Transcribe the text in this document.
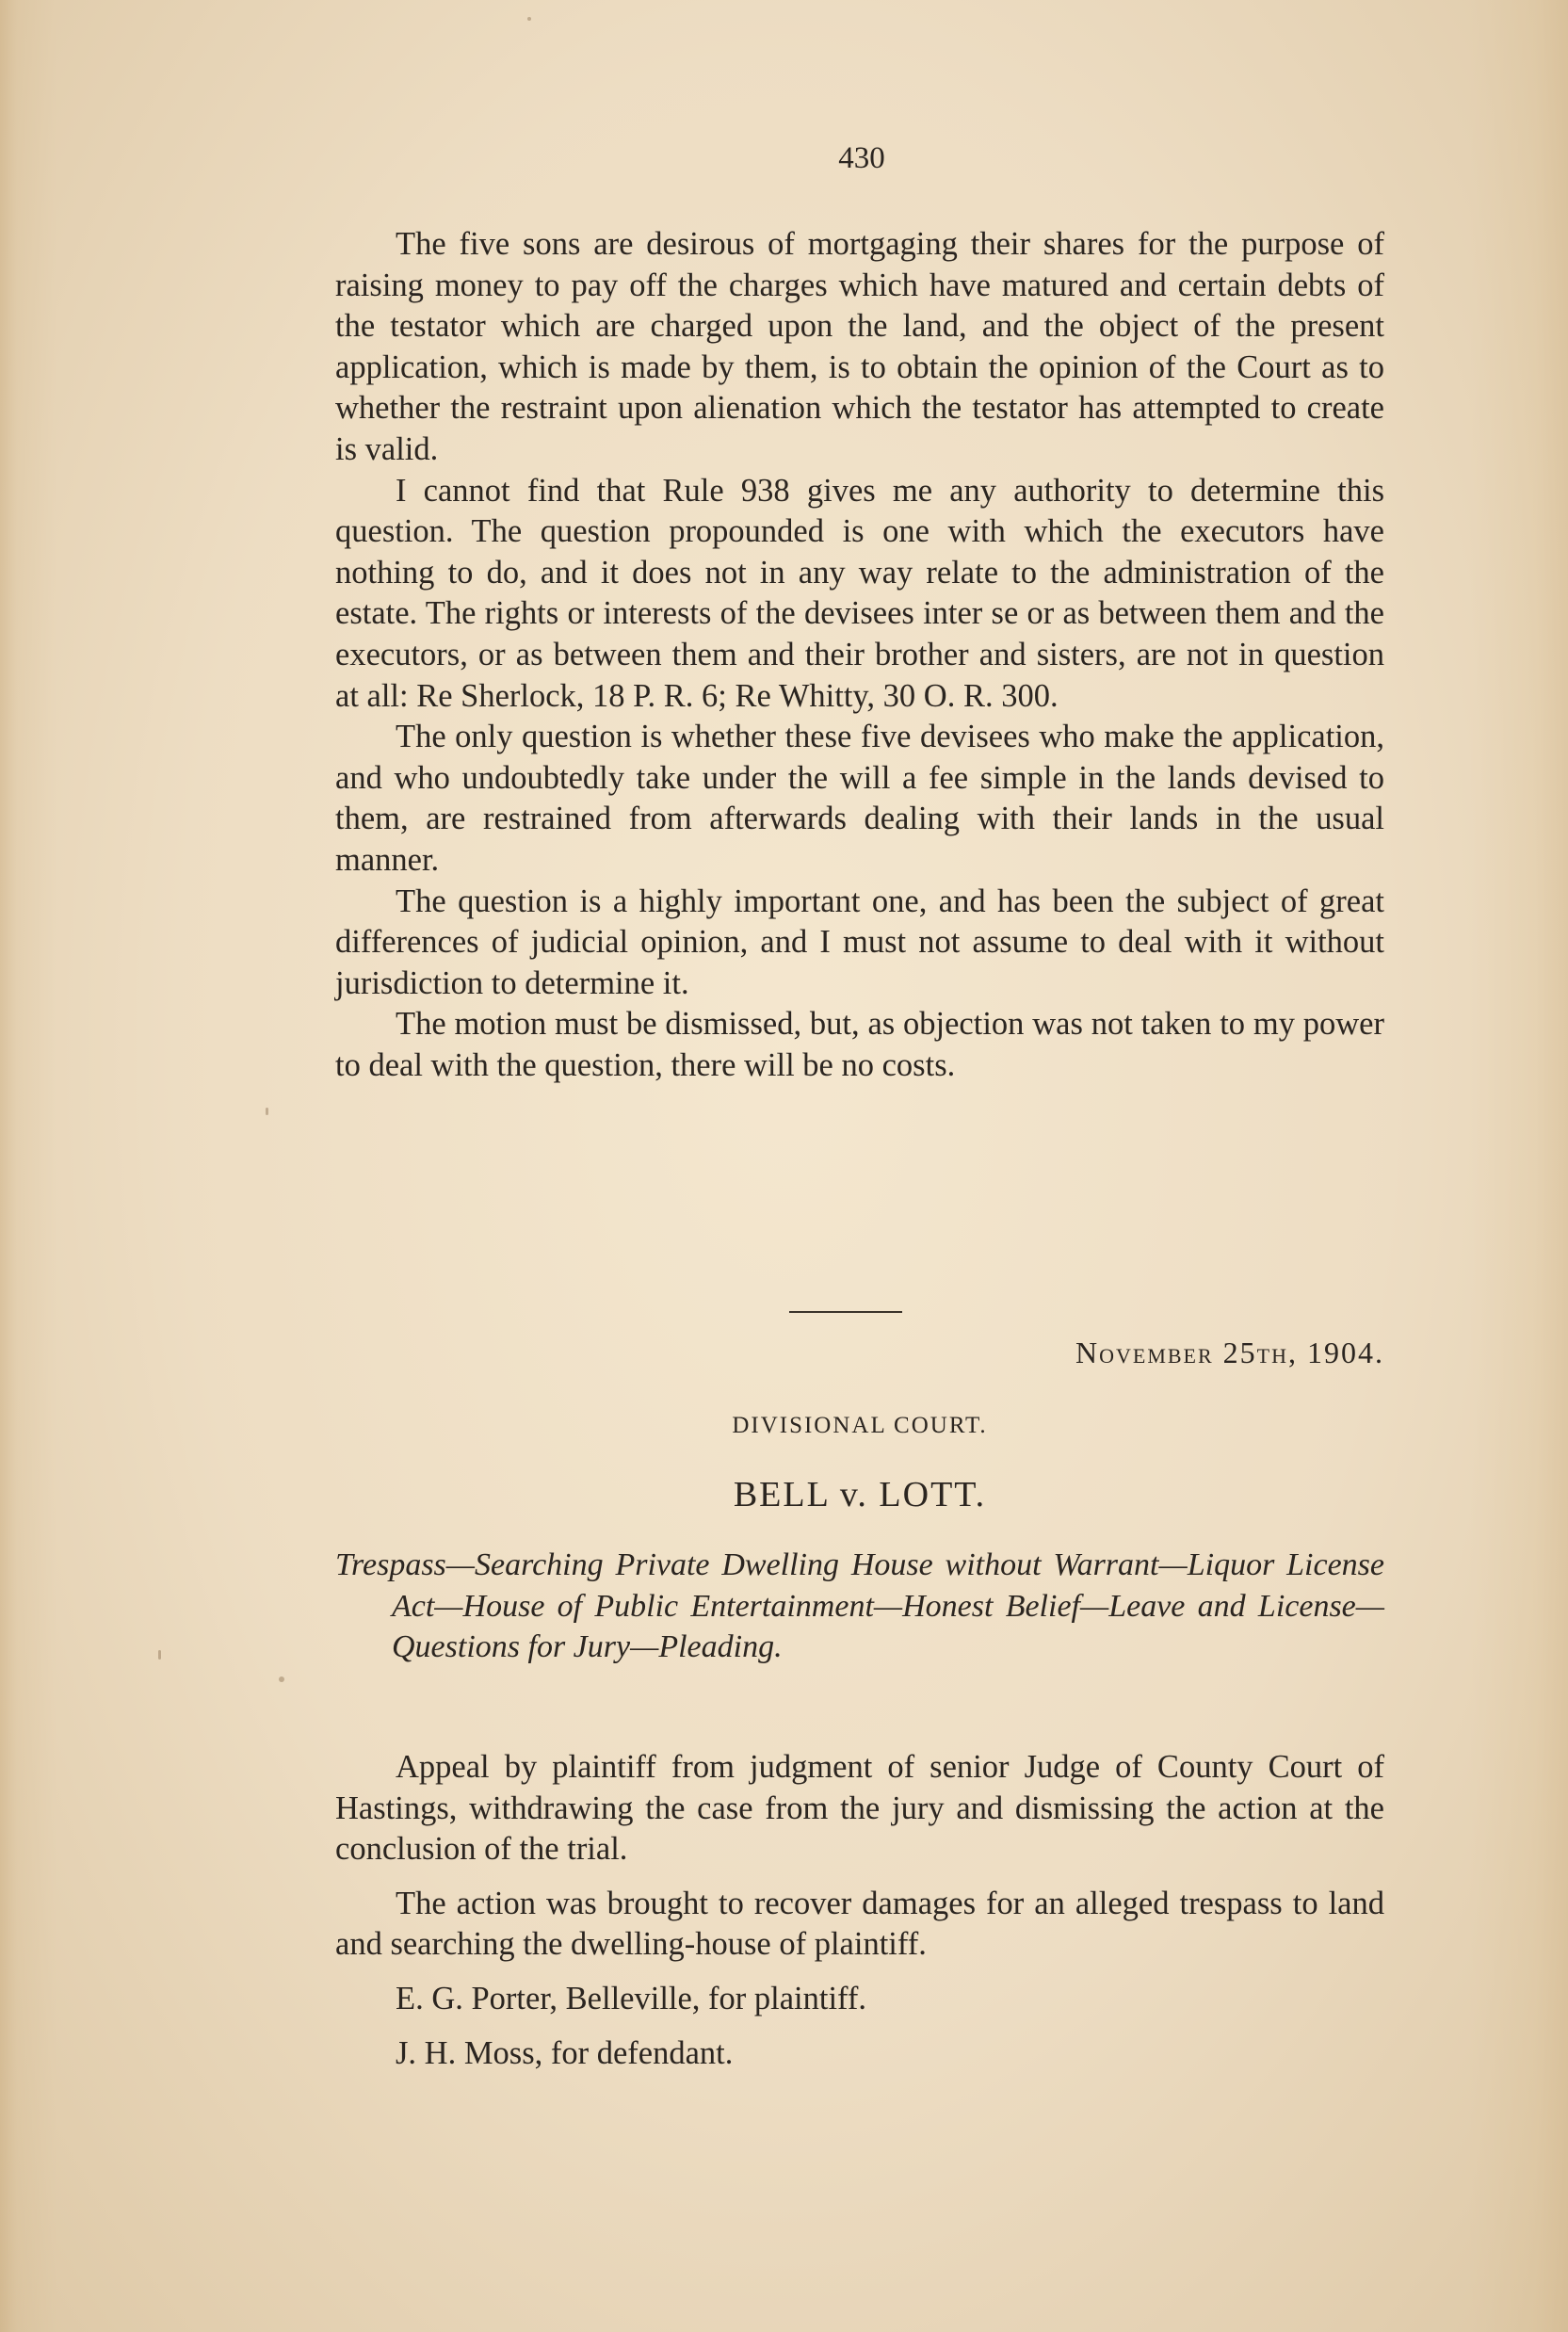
430

The five sons are desirous of mortgaging their shares for the purpose of raising money to pay off the charges which have matured and certain debts of the testator which are charged upon the land, and the object of the present application, which is made by them, is to obtain the opinion of the Court as to whether the restraint upon alienation which the testator has attempted to create is valid.

I cannot find that Rule 938 gives me any authority to determine this question. The question propounded is one with which the executors have nothing to do, and it does not in any way relate to the administration of the estate. The rights or interests of the devisees inter se or as between them and the executors, or as between them and their brother and sisters, are not in question at all: Re Sherlock, 18 P. R. 6; Re Whitty, 30 O. R. 300.

The only question is whether these five devisees who make the application, and who undoubtedly take under the will a fee simple in the lands devised to them, are restrained from afterwards dealing with their lands in the usual manner.

The question is a highly important one, and has been the subject of great differences of judicial opinion, and I must not assume to deal with it without jurisdiction to determine it.

The motion must be dismissed, but, as objection was not taken to my power to deal with the question, there will be no costs.

November 25th, 1904.
DIVISIONAL COURT.
BELL v. LOTT.
Trespass—Searching Private Dwelling House without Warrant—Liquor License Act—House of Public Entertainment—Honest Belief—Leave and License—Questions for Jury—Pleading.

Appeal by plaintiff from judgment of senior Judge of County Court of Hastings, withdrawing the case from the jury and dismissing the action at the conclusion of the trial.

The action was brought to recover damages for an alleged trespass to land and searching the dwelling-house of plaintiff.

E. G. Porter, Belleville, for plaintiff.

J. H. Moss, for defendant.
